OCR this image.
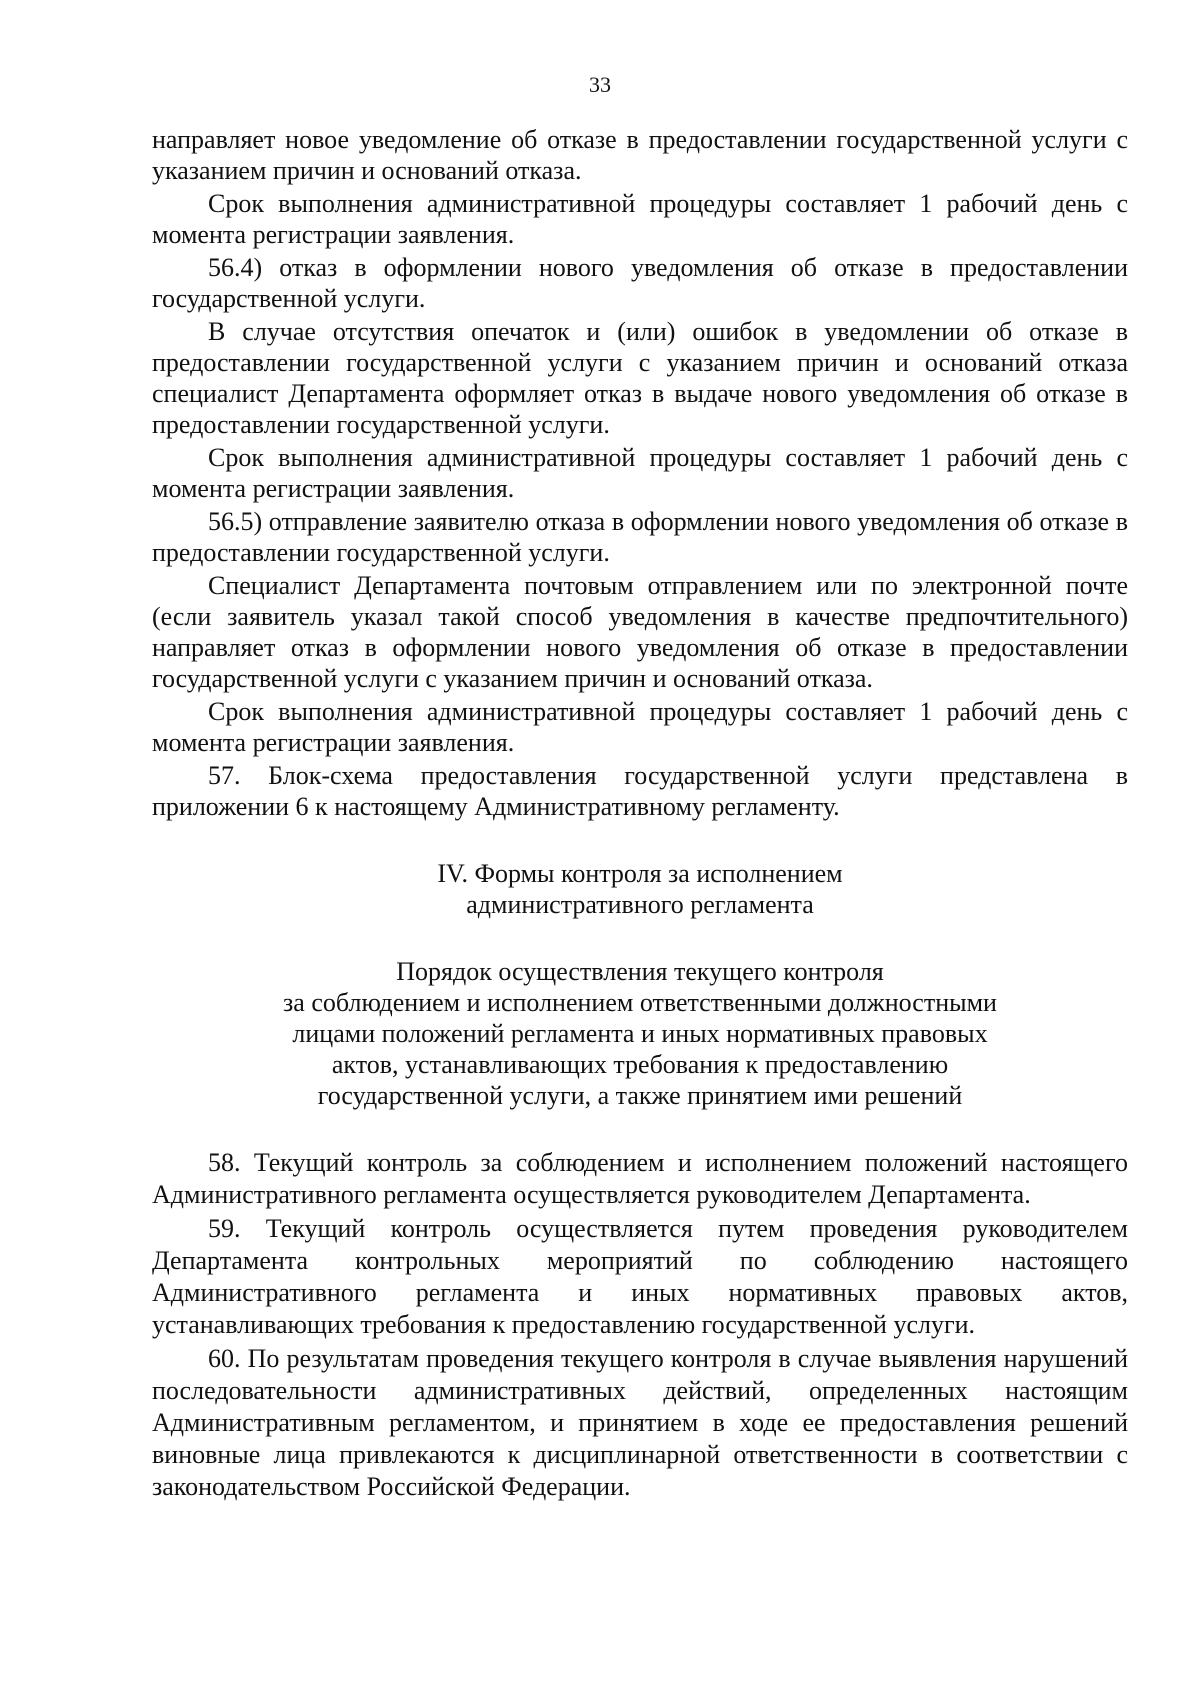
33

направляет новое уведомление об отказе в предоставлении государственной услуги с указанием причин и оснований отказа.

Срок выполнения административной процедуры составляет 1 рабочий день с момента регистрации заявления.

56.4) отказ в оформлении нового уведомления об отказе в предоставлении государственной услуги.

В случае отсутствия опечаток и (или) ошибок в уведомлении об отказе в предоставлении государственной услуги с указанием причин и оснований отказа специалист Департамента оформляет отказ в выдаче нового уведомления об отказе в предоставлении государственной услуги.

Срок выполнения административной процедуры составляет 1 рабочий день с момента регистрации заявления.

56.5) отправление заявителю отказа в оформлении нового уведомления об отказе в предоставлении государственной услуги.

Специалист Департамента почтовым отправлением или по электронной почте (если заявитель указал такой способ уведомления в качестве предпочтительного) направляет отказ в оформлении нового уведомления об отказе в предоставлении государственной услуги с указанием причин и оснований отказа.

Срок выполнения административной процедуры составляет 1 рабочий день с момента регистрации заявления.

57. Блок-схема предоставления государственной услуги представлена в приложении 6 к настоящему Административному регламенту.

IV. Формы контроля за исполнением
административного регламента
Порядок осуществления текущего контроля
за соблюдением и исполнением ответственными должностными
лицами положений регламента и иных нормативных правовых
актов, устанавливающих требования к предоставлению
государственной услуги, а также принятием ими решений

58. Текущий контроль за соблюдением и исполнением положений настоящего Административного регламента осуществляется руководителем Департамента.

59. Текущий контроль осуществляется путем проведения руководителем Департамента контрольных мероприятий по соблюдению настоящего Административного регламента и иных нормативных правовых актов, устанавливающих требования к предоставлению государственной услуги.

60. По результатам проведения текущего контроля в случае выявления нарушений последовательности административных действий, определенных настоящим Административным регламентом, и принятием в ходе ее предоставления решений виновные лица привлекаются к дисциплинарной ответственности в соответствии с законодательством Российской Федерации.
